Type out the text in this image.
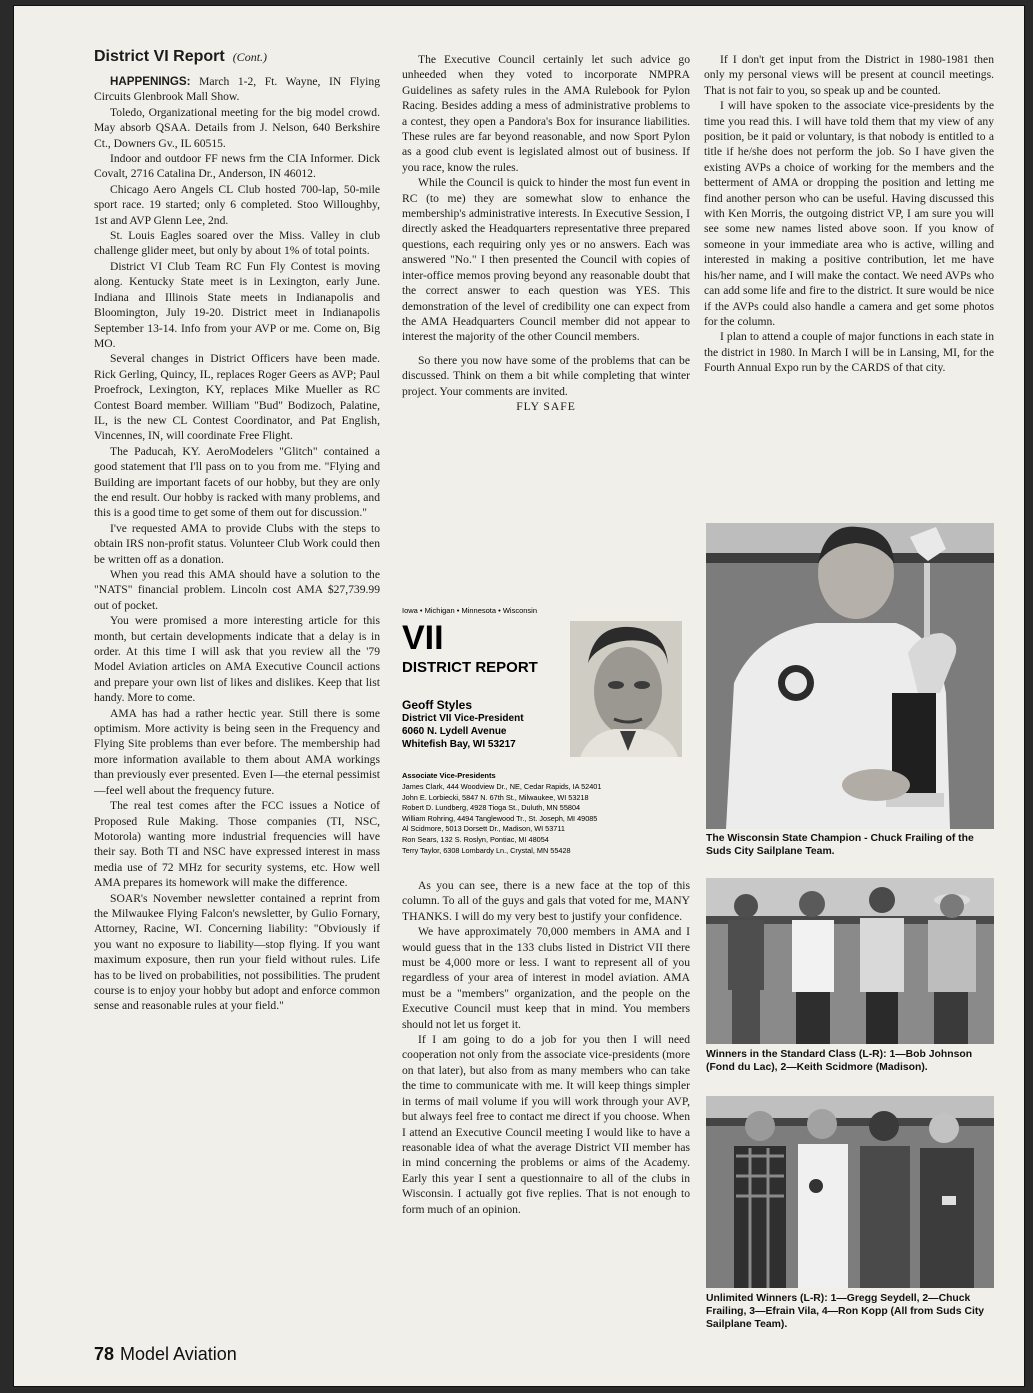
District VI Report (Cont.)

HAPPENINGS: March 1-2, Ft. Wayne, IN Flying Circuits Glenbrook Mall Show.

Toledo, Organizational meeting for the big model crowd. May absorb QSAA. Details from J. Nelson, 640 Berkshire Ct., Downers Gv., IL 60515.

Indoor and outdoor FF news frm the CIA Informer. Dick Covalt, 2716 Catalina Dr., Anderson, IN 46012.

Chicago Aero Angels CL Club hosted 700-lap, 50-mile sport race. 19 started; only 6 completed. Stoo Willoughby, 1st and AVP Glenn Lee, 2nd.

St. Louis Eagles soared over the Miss. Valley in club challenge glider meet, but only by about 1% of total points.

District VI Club Team RC Fun Fly Contest is moving along. Kentucky State meet is in Lexington, early June. Indiana and Illinois State meets in Indianapolis and Bloomington, July 19-20. District meet in Indianapolis September 13-14. Info from your AVP or me. Come on, Big MO.

Several changes in District Officers have been made. Rick Gerling, Quincy, IL, replaces Roger Geers as AVP; Paul Proefrock, Lexington, KY, replaces Mike Mueller as RC Contest Board member. William "Bud" Bodizoch, Palatine, IL, is the new CL Contest Coordinator, and Pat English, Vincennes, IN, will coordinate Free Flight.

The Paducah, KY. AeroModelers "Glitch" contained a good statement that I'll pass on to you from me. "Flying and Building are important facets of our hobby, but they are only the end result. Our hobby is racked with many problems, and this is a good time to get some of them out for discussion."

I've requested AMA to provide Clubs with the steps to obtain IRS non-profit status. Volunteer Club Work could then be written off as a donation.

When you read this AMA should have a solution to the "NATS" financial problem. Lincoln cost AMA $27,739.99 out of pocket.

You were promised a more interesting article for this month, but certain developments indicate that a delay is in order. At this time I will ask that you review all the '79 Model Aviation articles on AMA Executive Council actions and prepare your own list of likes and dislikes. Keep that list handy. More to come.

AMA has had a rather hectic year. Still there is some optimism. More activity is being seen in the Frequency and Flying Site problems than ever before. The membership had more information available to them about AMA workings than previously ever presented. Even I—the eternal pessimist—feel well about the frequency future.

The real test comes after the FCC issues a Notice of Proposed Rule Making. Those companies (TI, NSC, Motorola) wanting more industrial frequencies will have their say. Both TI and NSC have expressed interest in mass media use of 72 MHz for security systems, etc. How well AMA prepares its homework will make the difference.

SOAR's November newsletter contained a reprint from the Milwaukee Flying Falcon's newsletter, by Gulio Fornary, Attorney, Racine, WI. Concerning liability: "Obviously if you want no exposure to liability—stop flying. If you want maximum exposure, then run your field without rules. Life has to be lived on probabilities, not possibilities. The prudent course is to enjoy your hobby but adopt and enforce common sense and reasonable rules at your field."

The Executive Council certainly let such advice go unheeded when they voted to incorporate NMPRA Guidelines as safety rules in the AMA Rulebook for Pylon Racing. Besides adding a mess of administrative problems to a contest, they open a Pandora's Box for insurance liabilities. These rules are far beyond reasonable, and now Sport Pylon as a good club event is legislated almost out of business. If you race, know the rules.

While the Council is quick to hinder the most fun event in RC (to me) they are somewhat slow to enhance the membership's administrative interests. In Executive Session, I directly asked the Headquarters representative three prepared questions, each requiring only yes or no answers. Each was answered "No." I then presented the Council with copies of inter-office memos proving beyond any reasonable doubt that the correct answer to each question was YES. This demonstration of the level of credibility one can expect from the AMA Headquarters Council member did not appear to interest the majority of the other Council members.

So there you now have some of the problems that can be discussed. Think on them a bit while completing that winter project. Your comments are invited.

FLY SAFE

Iowa • Michigan • Minnesota • Wisconsin
VII
DISTRICT REPORT
Geoff Styles
District VII Vice-President
6060 N. Lydell Avenue
Whitefish Bay, WI 53217
Associate Vice-Presidents
James Clark, 444 Woodview Dr., NE, Cedar Rapids, IA 52401
John E. Lorbiecki, 5847 N. 67th St., Milwaukee, WI 53218
Robert D. Lundberg, 4928 Tioga St., Duluth, MN 55804
William Rohring, 4494 Tanglewood Tr., St. Joseph, MI 49085
Al Scidmore, 5013 Dorsett Dr., Madison, WI 53711
Ron Sears, 132 S. Roslyn, Pontiac, MI 48054
Terry Taylor, 6308 Lombardy Ln., Crystal, MN 55428

As you can see, there is a new face at the top of this column. To all of the guys and gals that voted for me, MANY THANKS. I will do my very best to justify your confidence.

We have approximately 70,000 members in AMA and I would guess that in the 133 clubs listed in District VII there must be 4,000 more or less. I want to represent all of you regardless of your area of interest in model aviation. AMA must be a "members" organization, and the people on the Executive Council must keep that in mind. You members should not let us forget it.

If I am going to do a job for you then I will need cooperation not only from the associate vice-presidents (more on that later), but also from as many members who can take the time to communicate with me. It will keep things simpler in terms of mail volume if you will work through your AVP, but always feel free to contact me direct if you choose. When I attend an Executive Council meeting I would like to have a reasonable idea of what the average District VII member has in mind concerning the problems or aims of the Academy. Early this year I sent a questionnaire to all of the clubs in Wisconsin. I actually got five replies. That is not enough to form much of an opinion.

If I don't get input from the District in 1980-1981 then only my personal views will be present at council meetings. That is not fair to you, so speak up and be counted.

I will have spoken to the associate vice-presidents by the time you read this. I will have told them that my view of any position, be it paid or voluntary, is that nobody is entitled to a title if he/she does not perform the job. So I have given the existing AVPs a choice of working for the members and the betterment of AMA or dropping the position and letting me find another person who can be useful. Having discussed this with Ken Morris, the outgoing district VP, I am sure you will see some new names listed above soon. If you know of someone in your immediate area who is active, willing and interested in making a positive contribution, let me have his/her name, and I will make the contact. We need AVPs who can add some life and fire to the district. It sure would be nice if the AVPs could also handle a camera and get some photos for the column.

I plan to attend a couple of major functions in each state in the district in 1980. In March I will be in Lansing, MI, for the Fourth Annual Expo run by the CARDS of that city.

The Wisconsin State Champion - Chuck Frailing of the Suds City Sailplane Team.
Winners in the Standard Class (L-R): 1—Bob Johnson (Fond du Lac), 2—Keith Scidmore (Madison).
Unlimited Winners (L-R): 1—Gregg Seydell, 2—Chuck Frailing, 3—Efrain Vila, 4—Ron Kopp (All from Suds City Sailplane Team).
78 Model Aviation
